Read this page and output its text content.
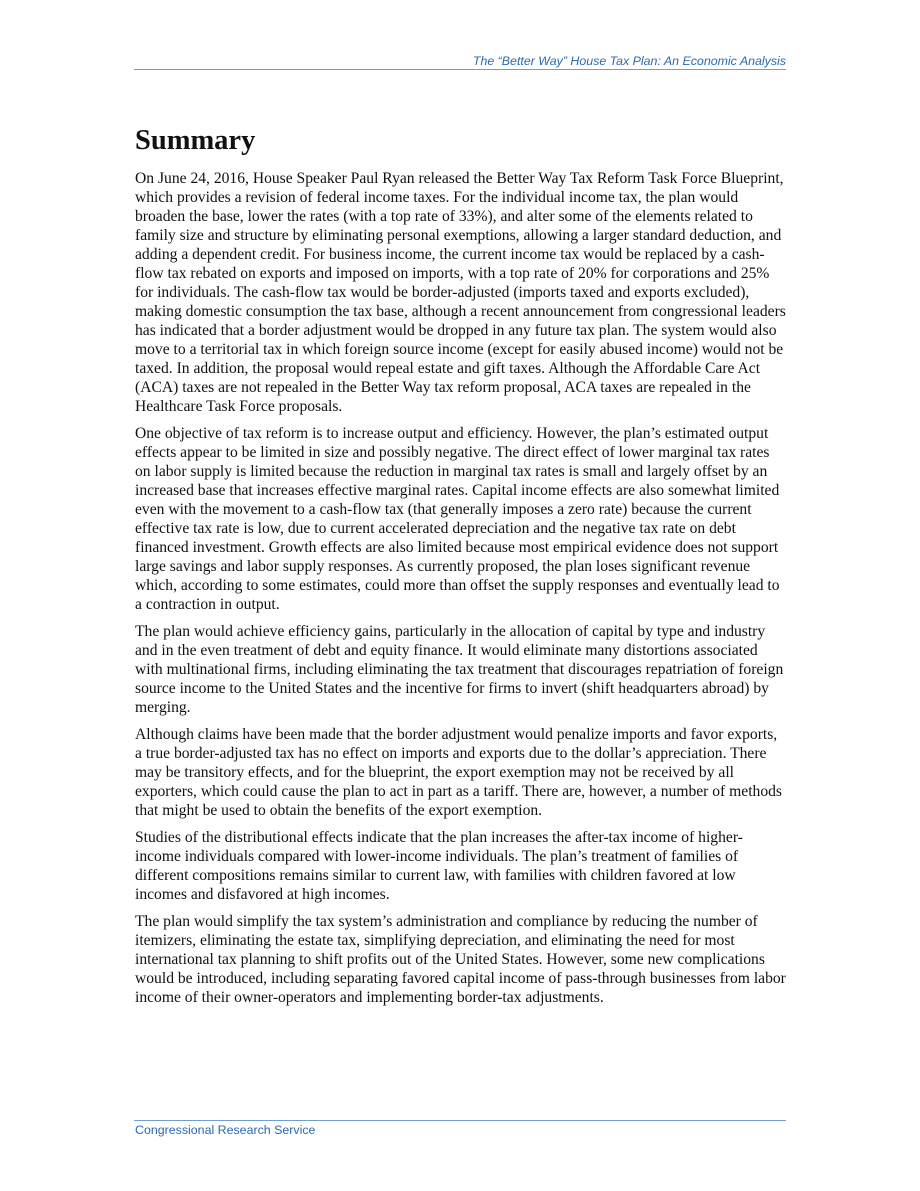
The “Better Way” House Tax Plan: An Economic Analysis
Summary

On June 24, 2016, House Speaker Paul Ryan released the Better Way Tax Reform Task Force Blueprint, which provides a revision of federal income taxes. For the individual income tax, the plan would broaden the base, lower the rates (with a top rate of 33%), and alter some of the elements related to family size and structure by eliminating personal exemptions, allowing a larger standard deduction, and adding a dependent credit. For business income, the current income tax would be replaced by a cash-flow tax rebated on exports and imposed on imports, with a top rate of 20% for corporations and 25% for individuals. The cash-flow tax would be border-adjusted (imports taxed and exports excluded), making domestic consumption the tax base, although a recent announcement from congressional leaders has indicated that a border adjustment would be dropped in any future tax plan. The system would also move to a territorial tax in which foreign source income (except for easily abused income) would not be taxed. In addition, the proposal would repeal estate and gift taxes. Although the Affordable Care Act (ACA) taxes are not repealed in the Better Way tax reform proposal, ACA taxes are repealed in the Healthcare Task Force proposals.

One objective of tax reform is to increase output and efficiency. However, the plan’s estimated output effects appear to be limited in size and possibly negative. The direct effect of lower marginal tax rates on labor supply is limited because the reduction in marginal tax rates is small and largely offset by an increased base that increases effective marginal rates. Capital income effects are also somewhat limited even with the movement to a cash-flow tax (that generally imposes a zero rate) because the current effective tax rate is low, due to current accelerated depreciation and the negative tax rate on debt financed investment. Growth effects are also limited because most empirical evidence does not support large savings and labor supply responses. As currently proposed, the plan loses significant revenue which, according to some estimates, could more than offset the supply responses and eventually lead to a contraction in output.

The plan would achieve efficiency gains, particularly in the allocation of capital by type and industry and in the even treatment of debt and equity finance. It would eliminate many distortions associated with multinational firms, including eliminating the tax treatment that discourages repatriation of foreign source income to the United States and the incentive for firms to invert (shift headquarters abroad) by merging.

Although claims have been made that the border adjustment would penalize imports and favor exports, a true border-adjusted tax has no effect on imports and exports due to the dollar’s appreciation. There may be transitory effects, and for the blueprint, the export exemption may not be received by all exporters, which could cause the plan to act in part as a tariff. There are, however, a number of methods that might be used to obtain the benefits of the export exemption.

Studies of the distributional effects indicate that the plan increases the after-tax income of higher-income individuals compared with lower-income individuals. The plan’s treatment of families of different compositions remains similar to current law, with families with children favored at low incomes and disfavored at high incomes.

The plan would simplify the tax system’s administration and compliance by reducing the number of itemizers, eliminating the estate tax, simplifying depreciation, and eliminating the need for most international tax planning to shift profits out of the United States. However, some new complications would be introduced, including separating favored capital income of pass-through businesses from labor income of their owner-operators and implementing border-tax adjustments.

Congressional Research Service
